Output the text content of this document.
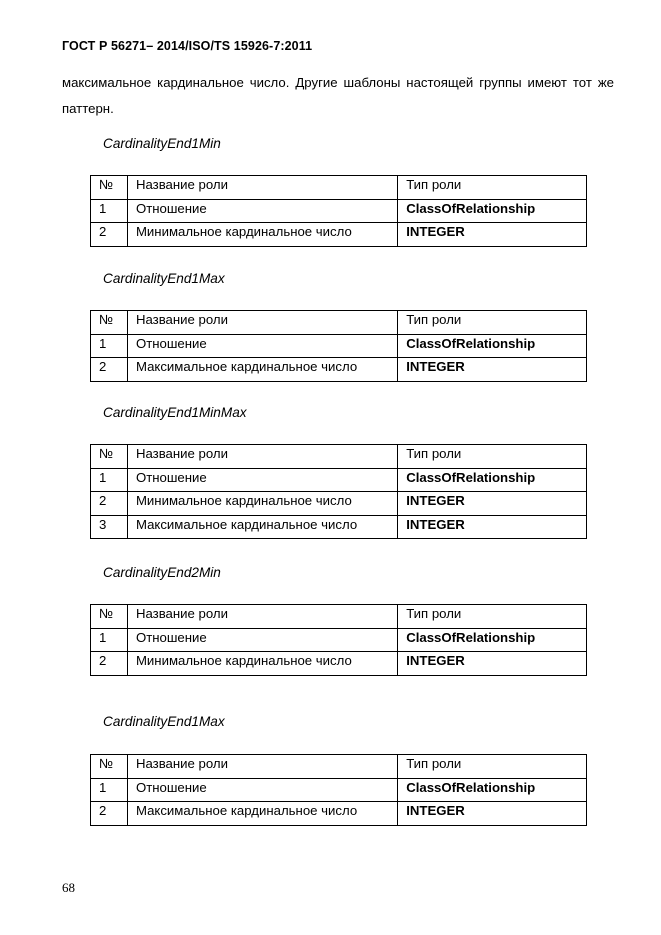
ГОСТ Р 56271– 2014/ISO/TS 15926-7:2011
максимальное кардинальное число. Другие шаблоны настоящей группы имеют тот же паттерн.
CardinalityEnd1Min
№	Название роли	Тип роли
1	Отношение	ClassOfRelationship
2	Минимальное кардинальное число	INTEGER
CardinalityEnd1Max
№	Название роли	Тип роли
1	Отношение	ClassOfRelationship
2	Максимальное кардинальное число	INTEGER
CardinalityEnd1MinMax
№	Название роли	Тип роли
1	Отношение	ClassOfRelationship
2	Минимальное кардинальное число	INTEGER
3	Максимальное кардинальное число	INTEGER
CardinalityEnd2Min
№	Название роли	Тип роли
1	Отношение	ClassOfRelationship
2	Минимальное кардинальное число	INTEGER
CardinalityEnd1Max
№	Название роли	Тип роли
1	Отношение	ClassOfRelationship
2	Максимальное кардинальное число	INTEGER
68
